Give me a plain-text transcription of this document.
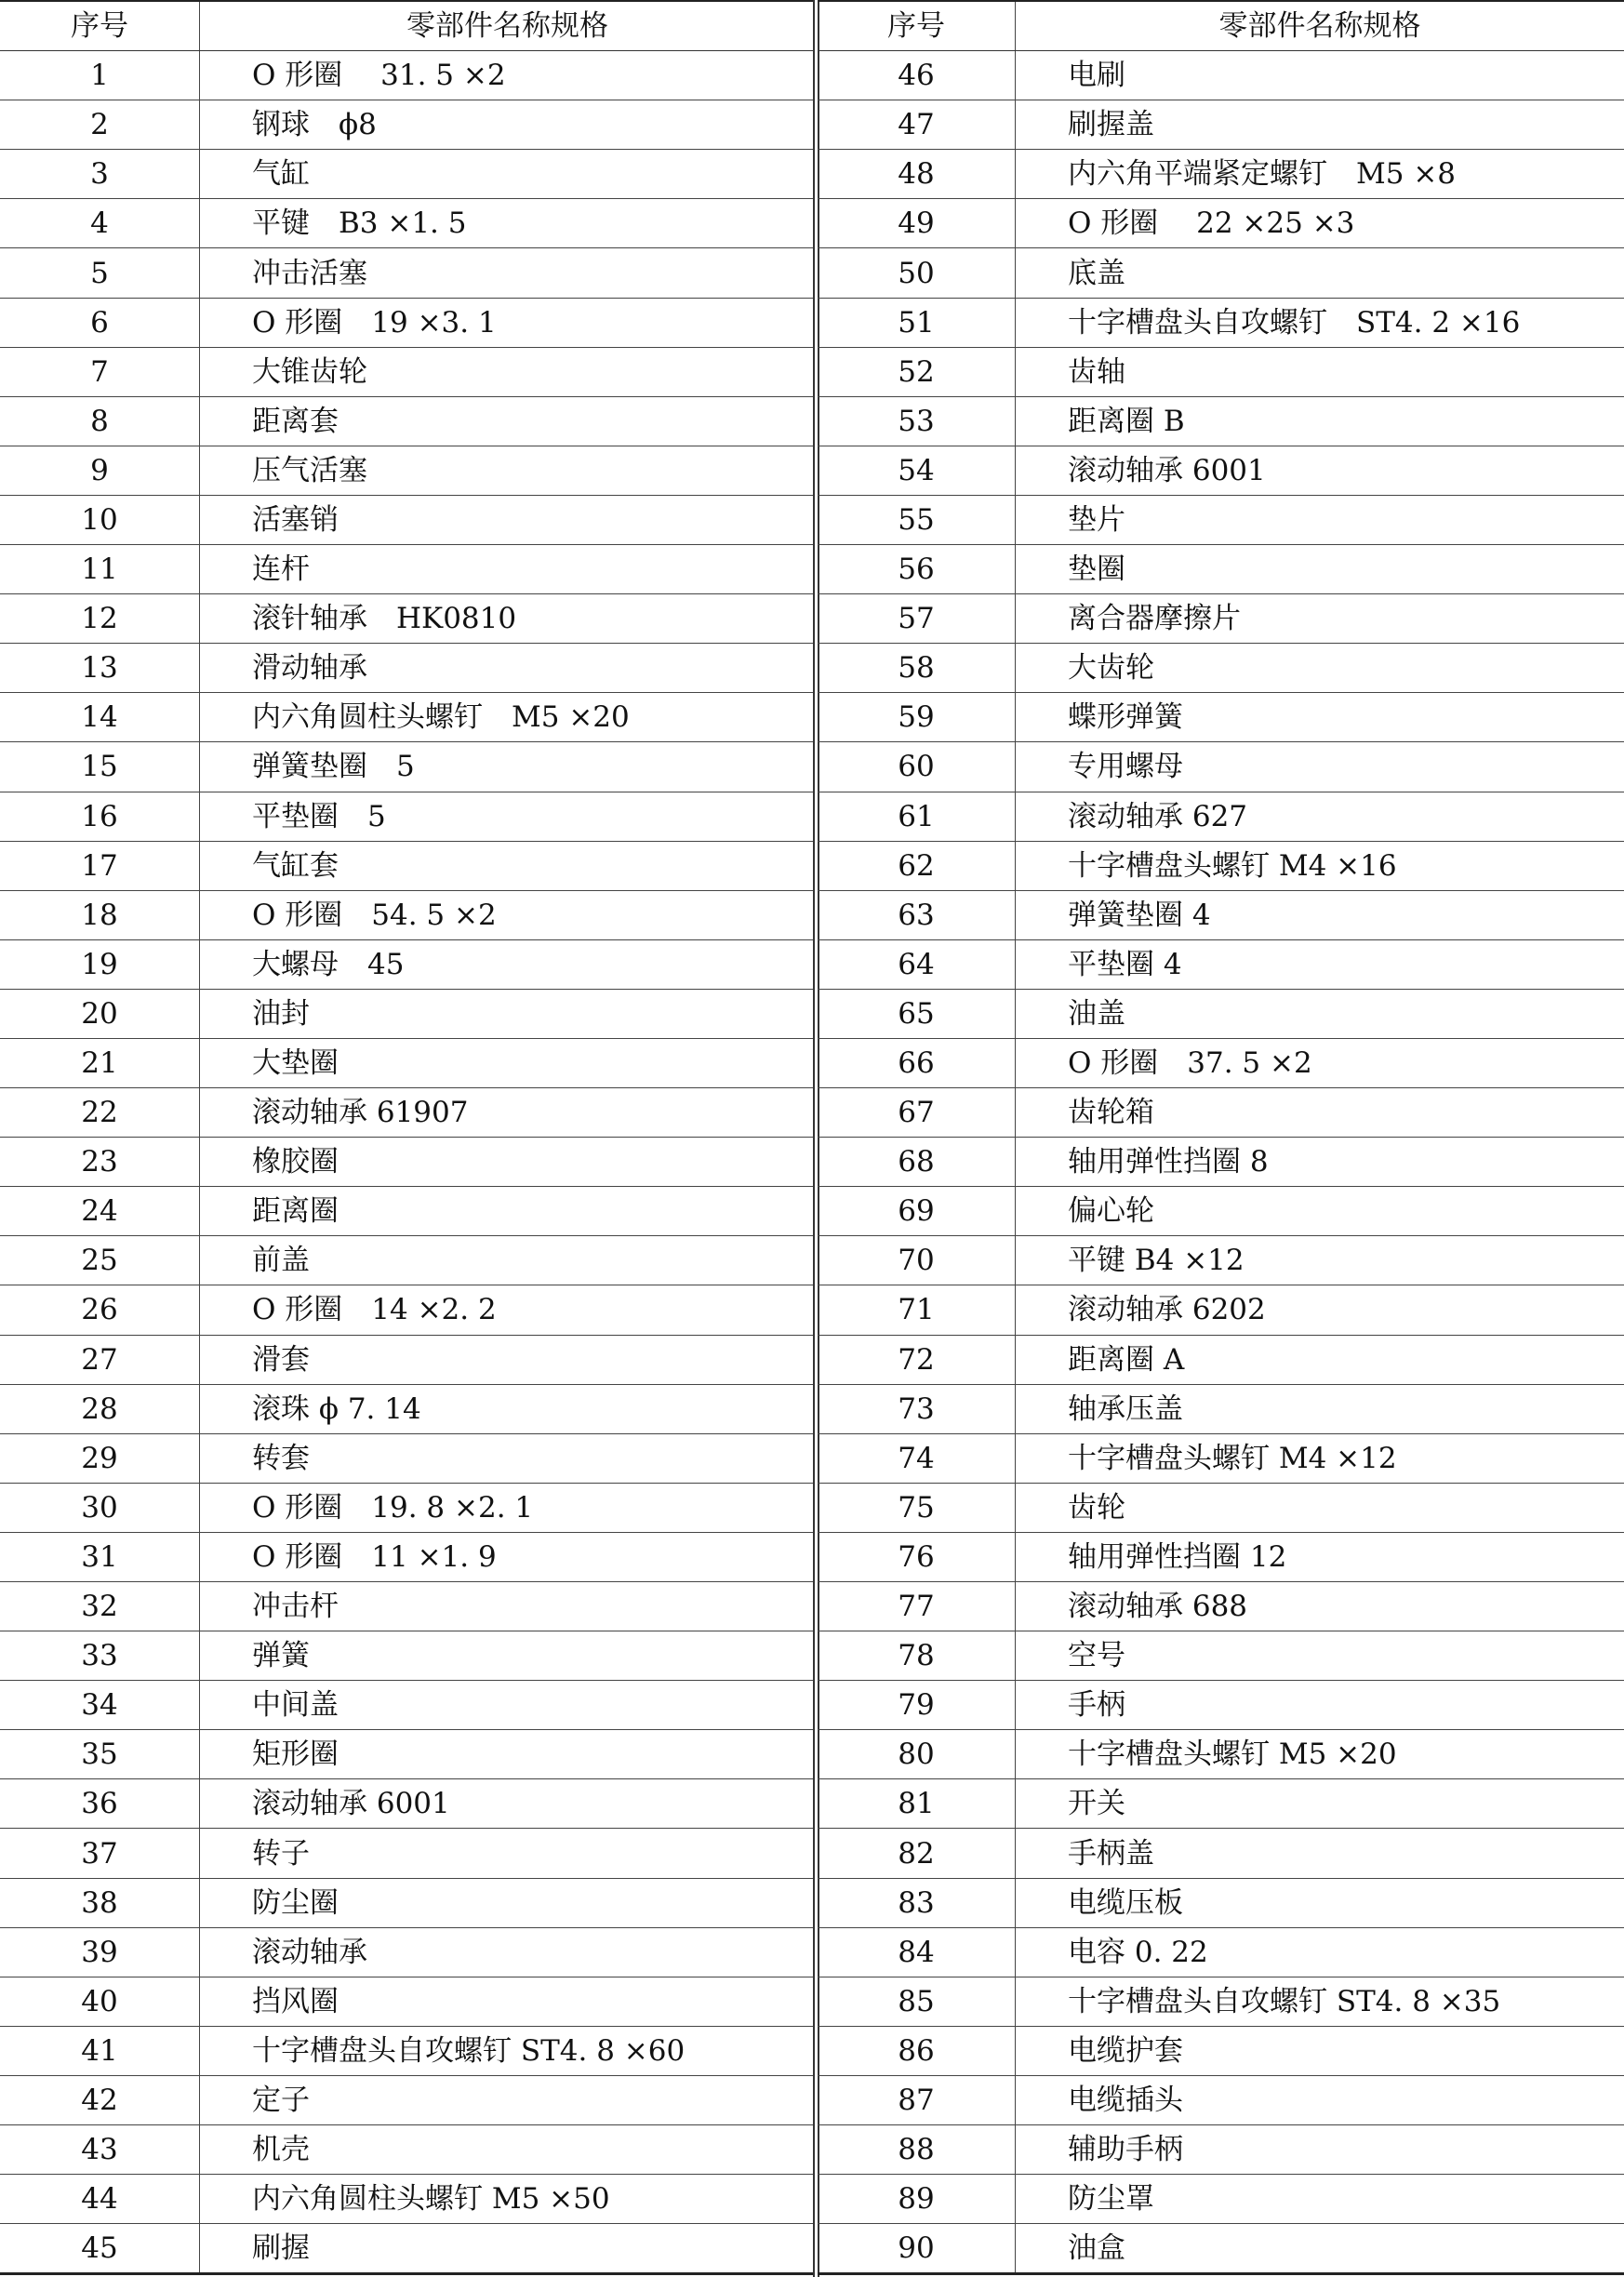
序号	零部件名称规格
1	O 形圈　 31. 5 ×2
2	钢球　ϕ8
3	气缸
4	平键　B3 ×1. 5
5	冲击活塞
6	O 形圈　19 ×3. 1
7	大锥齿轮
8	距离套
9	压气活塞
10	活塞销
11	连杆
12	滚针轴承　HK0810
13	滑动轴承
14	内六角圆柱头螺钉　M5 ×20
15	弹簧垫圈　5
16	平垫圈　5
17	气缸套
18	O 形圈　54. 5 ×2
19	大螺母　45
20	油封
21	大垫圈
22	滚动轴承 61907
23	橡胶圈
24	距离圈
25	前盖
26	O 形圈　14 ×2. 2
27	滑套
28	滚珠 ϕ 7. 14
29	转套
30	O 形圈　19. 8 ×2. 1
31	O 形圈　11 ×1. 9
32	冲击杆
33	弹簧
34	中间盖
35	矩形圈
36	滚动轴承 6001
37	转子
38	防尘圈
39	滚动轴承
40	挡风圈
41	十字槽盘头自攻螺钉 ST4. 8 ×60
42	定子
43	机壳
44	内六角圆柱头螺钉 M5 ×50
45	刷握
序号	零部件名称规格
46	电刷
47	刷握盖
48	内六角平端紧定螺钉　M5 ×8
49	O 形圈　 22 ×25 ×3
50	底盖
51	十字槽盘头自攻螺钉　ST4. 2 ×16
52	齿轴
53	距离圈 B
54	滚动轴承 6001
55	垫片
56	垫圈
57	离合器摩擦片
58	大齿轮
59	蝶形弹簧
60	专用螺母
61	滚动轴承 627
62	十字槽盘头螺钉 M4 ×16
63	弹簧垫圈 4
64	平垫圈 4
65	油盖
66	O 形圈　37. 5 ×2
67	齿轮箱
68	轴用弹性挡圈 8
69	偏心轮
70	平键 B4 ×12
71	滚动轴承 6202
72	距离圈 A
73	轴承压盖
74	十字槽盘头螺钉 M4 ×12
75	齿轮
76	轴用弹性挡圈 12
77	滚动轴承 688
78	空号
79	手柄
80	十字槽盘头螺钉 M5 ×20
81	开关
82	手柄盖
83	电缆压板
84	电容 0. 22
85	十字槽盘头自攻螺钉 ST4. 8 ×35
86	电缆护套
87	电缆插头
88	辅助手柄
89	防尘罩
90	油盒
